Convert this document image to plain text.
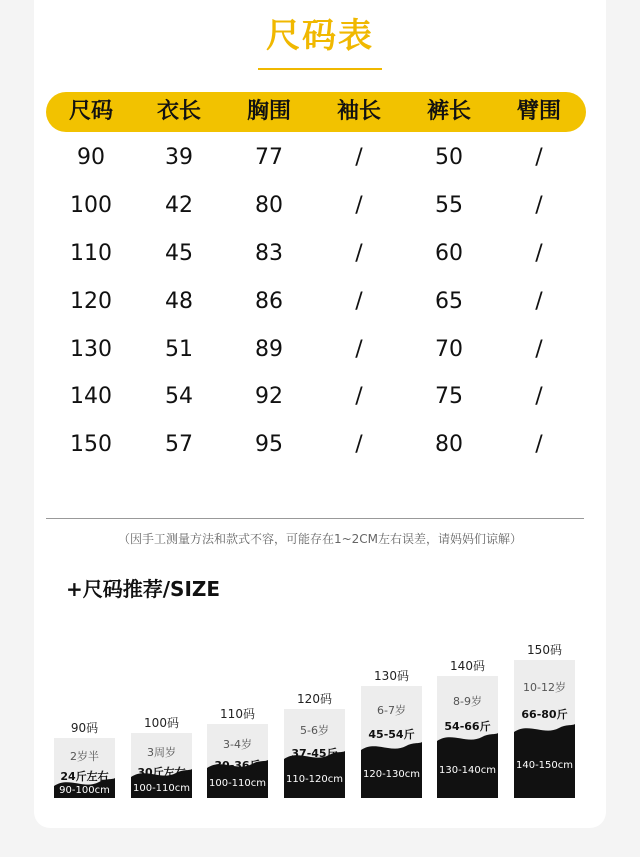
尺码表
尺码	衣长	胸围	袖长	裤长	臂围
90	39	77	/	50	/
100	42	80	/	55	/
110	45	83	/	60	/
120	48	86	/	65	/
130	51	89	/	70	/
140	54	92	/	75	/
150	57	95	/	80	/
（因手工测量方法和款式不容，可能存在1~2CM左右误差，请妈妈们谅解）
+尺码推荐/SIZE
90码
2岁半
24斤左右
90-100cm
100码
3周岁
30斤左右
100-110cm
110码
3-4岁
30-36斤
100-110cm
120码
5-6岁
37-45斤
110-120cm
130码
6-7岁
45-54斤
120-130cm
140码
8-9岁
54-66斤
130-140cm
150码
10-12岁
66-80斤
140-150cm
